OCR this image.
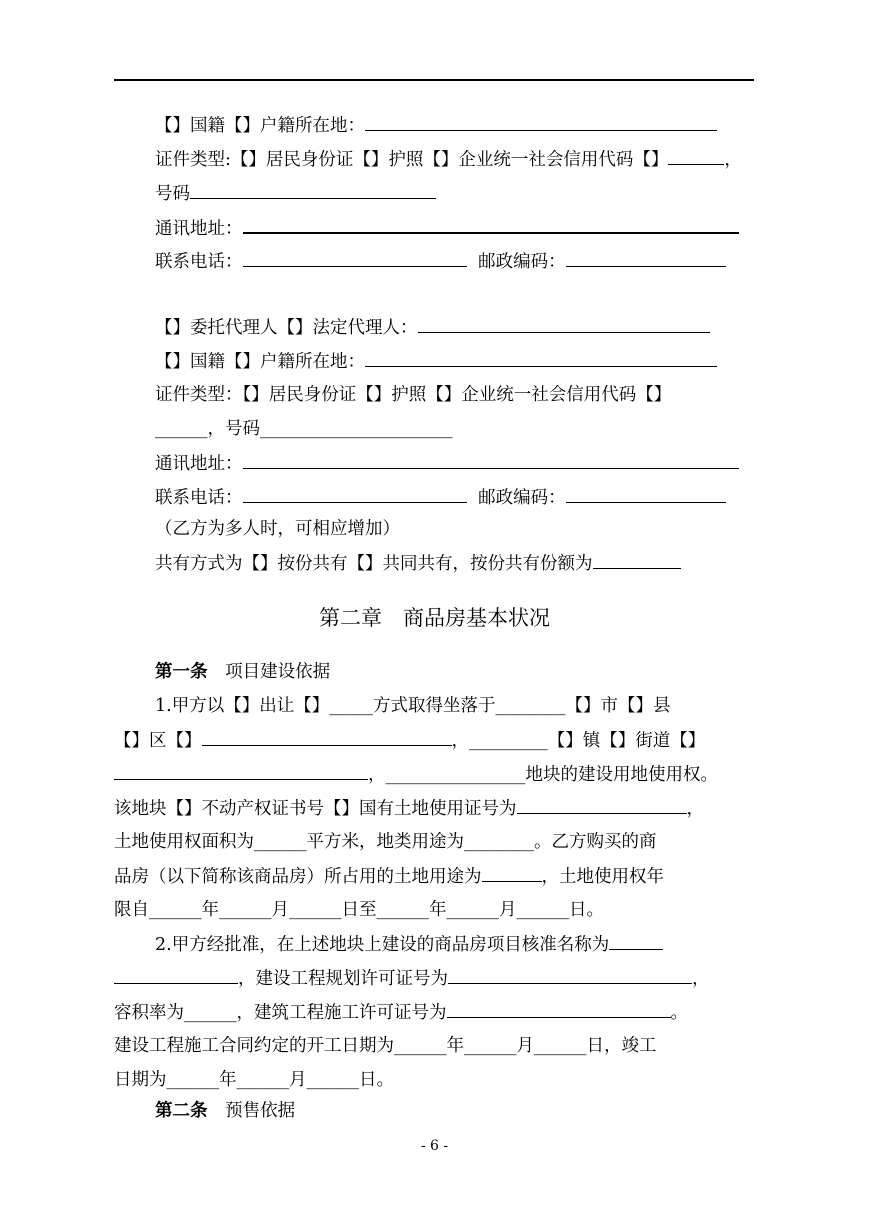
【】国籍【】户籍所在地：
证件类型:【】居民身份证【】护照【】企业统一社会信用代码【】	，
号码
通讯地址：
联系电话：	邮政编码：
【】委托代理人【】法定代理人：
【】国籍【】户籍所在地：
证件类型：【】居民身份证【】护照【】企业统一社会信用代码【】
______，号码______________________
通讯地址：
联系电话：	邮政编码：
（乙方为多人时，可相应增加）
共有方式为【】按份共有【】共同共有，按份共有份额为
第二章　商品房基本状况
第一条 项目建设依据
1.甲方以【】出让【】_____方式取得坐落于________【】市【】县
【】区【】	，_________【】镇【】街道【】
，________________地块的建设用地使用权。
该地块【】不动产权证书号【】国有土地使用证号为	，
土地使用权面积为______平方米，地类用途为________。乙方购买的商
品房（以下简称该商品房）所占用的土地用途为	，土地使用权年
限自______年______月______日至______年______月______日。
2.甲方经批准，在上述地块上建设的商品房项目核准名称为
，建设工程规划许可证号为	，
容积率为______，建筑工程施工许可证号为	。
建设工程施工合同约定的开工日期为______年______月______日，竣工
日期为______年______月______日。
第二条 预售依据
- 6 -
